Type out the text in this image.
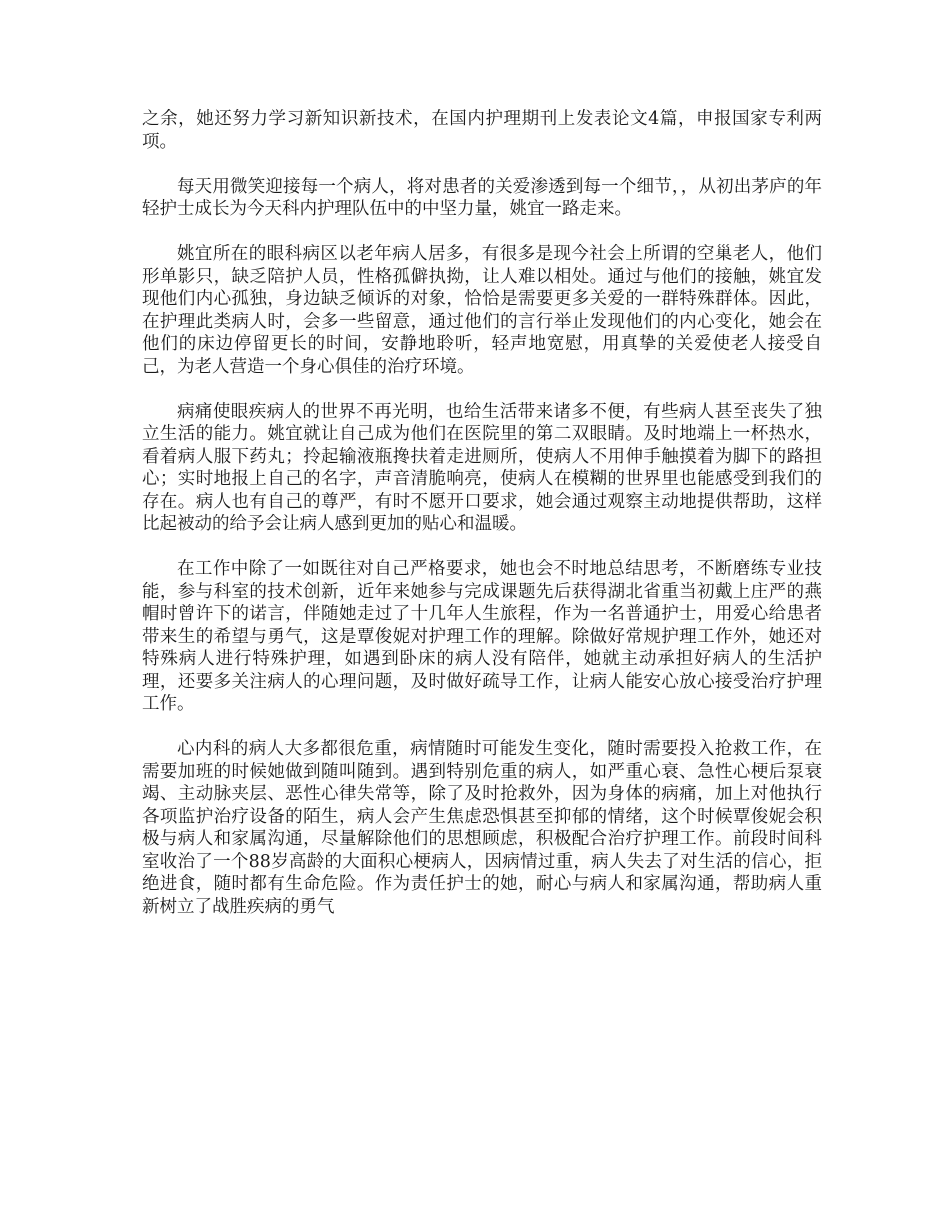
之余，她还努力学习新知识新技术，在国内护理期刊上发表论文4篇，申报国家专利两项。

每天用微笑迎接每一个病人，将对患者的关爱渗透到每一个细节，，从初出茅庐的年轻护士成长为今天科内护理队伍中的中坚力量，姚宜一路走来。

姚宜所在的眼科病区以老年病人居多，有很多是现今社会上所谓的空巢老人，他们形单影只，缺乏陪护人员，性格孤僻执拗，让人难以相处。通过与他们的接触，姚宜发现他们内心孤独，身边缺乏倾诉的对象，恰恰是需要更多关爱的一群特殊群体。因此，在护理此类病人时，会多一些留意，通过他们的言行举止发现他们的内心变化，她会在他们的床边停留更长的时间，安静地聆听，轻声地宽慰，用真挚的关爱使老人接受自己，为老人营造一个身心俱佳的治疗环境。

病痛使眼疾病人的世界不再光明，也给生活带来诸多不便，有些病人甚至丧失了独立生活的能力。姚宜就让自己成为他们在医院里的第二双眼睛。及时地端上一杯热水，看着病人服下药丸；拎起输液瓶搀扶着走进厕所，使病人不用伸手触摸着为脚下的路担心；实时地报上自己的名字，声音清脆响亮，使病人在模糊的世界里也能感受到我们的存在。病人也有自己的尊严，有时不愿开口要求，她会通过观察主动地提供帮助，这样比起被动的给予会让病人感到更加的贴心和温暖。

在工作中除了一如既往对自己严格要求，她也会不时地总结思考，不断磨练专业技能，参与科室的技术创新，近年来她参与完成课题先后获得湖北省重当初戴上庄严的燕帽时曾许下的诺言，伴随她走过了十几年人生旅程，作为一名普通护士，用爱心给患者带来生的希望与勇气，这是覃俊妮对护理工作的理解。除做好常规护理工作外，她还对特殊病人进行特殊护理，如遇到卧床的病人没有陪伴，她就主动承担好病人的生活护理，还要多关注病人的心理问题，及时做好疏导工作，让病人能安心放心接受治疗护理工作。

心内科的病人大多都很危重，病情随时可能发生变化，随时需要投入抢救工作，在需要加班的时候她做到随叫随到。遇到特别危重的病人，如严重心衰、急性心梗后泵衰竭、主动脉夹层、恶性心律失常等，除了及时抢救外，因为身体的病痛，加上对他执行各项监护治疗设备的陌生，病人会产生焦虑恐惧甚至抑郁的情绪，这个时候覃俊妮会积极与病人和家属沟通，尽量解除他们的思想顾虑，积极配合治疗护理工作。前段时间科室收治了一个88岁高龄的大面积心梗病人，因病情过重，病人失去了对生活的信心，拒绝进食，随时都有生命危险。作为责任护士的她，耐心与病人和家属沟通，帮助病人重新树立了战胜疾病的勇气
